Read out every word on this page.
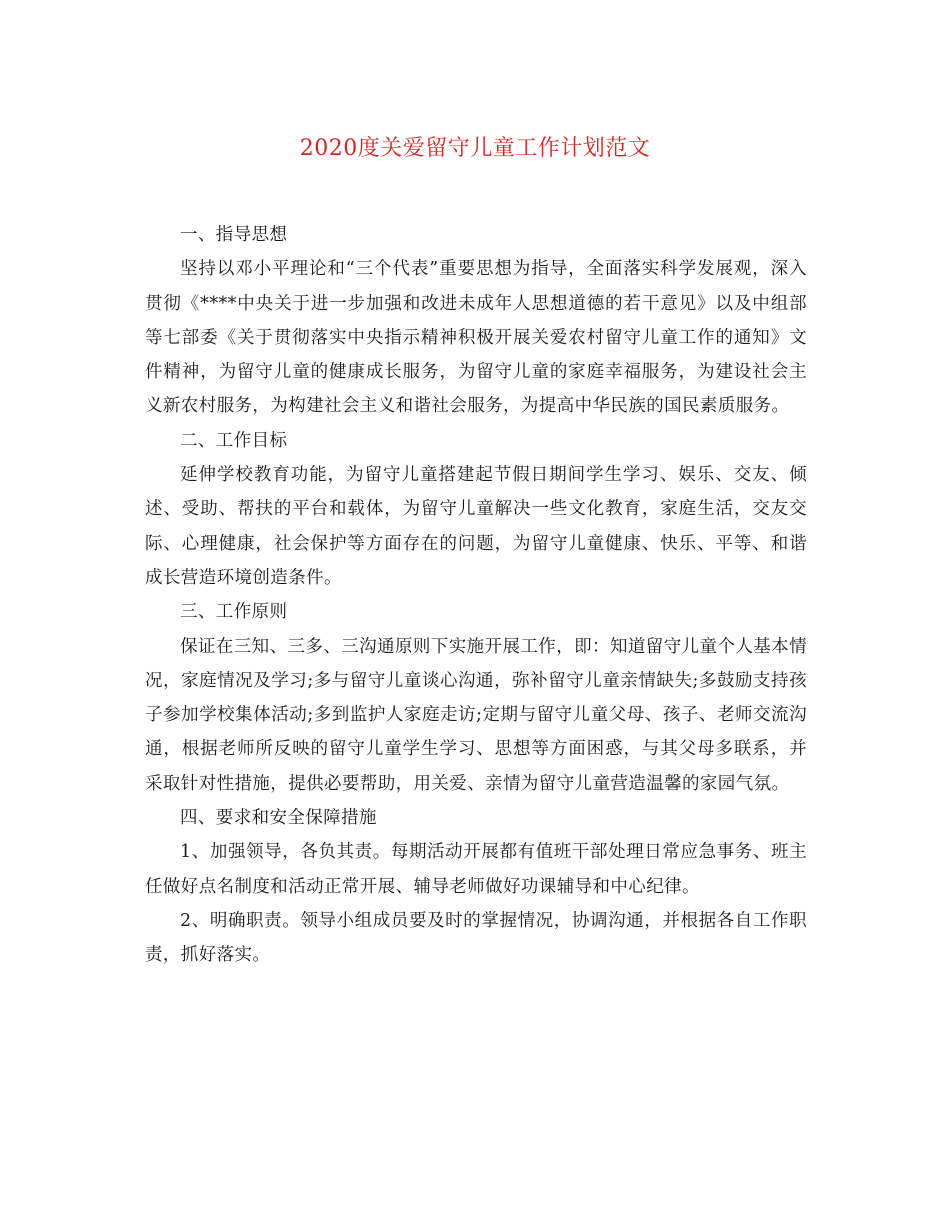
2020度关爱留守儿童工作计划范文

一、指导思想

坚持以邓小平理论和“三个代表”重要思想为指导，全面落实科学发展观，深入贯彻《****中央关于进一步加强和改进未成年人思想道德的若干意见》以及中组部等七部委《关于贯彻落实中央指示精神积极开展关爱农村留守儿童工作的通知》文件精神，为留守儿童的健康成长服务，为留守儿童的家庭幸福服务，为建设社会主义新农村服务，为构建社会主义和谐社会服务，为提高中华民族的国民素质服务。

二、工作目标

延伸学校教育功能，为留守儿童搭建起节假日期间学生学习、娱乐、交友、倾述、受助、帮扶的平台和载体，为留守儿童解决一些文化教育，家庭生活，交友交际、心理健康，社会保护等方面存在的问题，为留守儿童健康、快乐、平等、和谐成长营造环境创造条件。

三、工作原则

保证在三知、三多、三沟通原则下实施开展工作，即：知道留守儿童个人基本情况，家庭情况及学习;多与留守儿童谈心沟通，弥补留守儿童亲情缺失;多鼓励支持孩子参加学校集体活动;多到监护人家庭走访;定期与留守儿童父母、孩子、老师交流沟通，根据老师所反映的留守儿童学生学习、思想等方面困惑，与其父母多联系，并采取针对性措施，提供必要帮助，用关爱、亲情为留守儿童营造温馨的家园气氛。

四、要求和安全保障措施

1、加强领导，各负其责。每期活动开展都有值班干部处理日常应急事务、班主任做好点名制度和活动正常开展、辅导老师做好功课辅导和中心纪律。

2、明确职责。领导小组成员要及时的掌握情况，协调沟通，并根据各自工作职责，抓好落实。
